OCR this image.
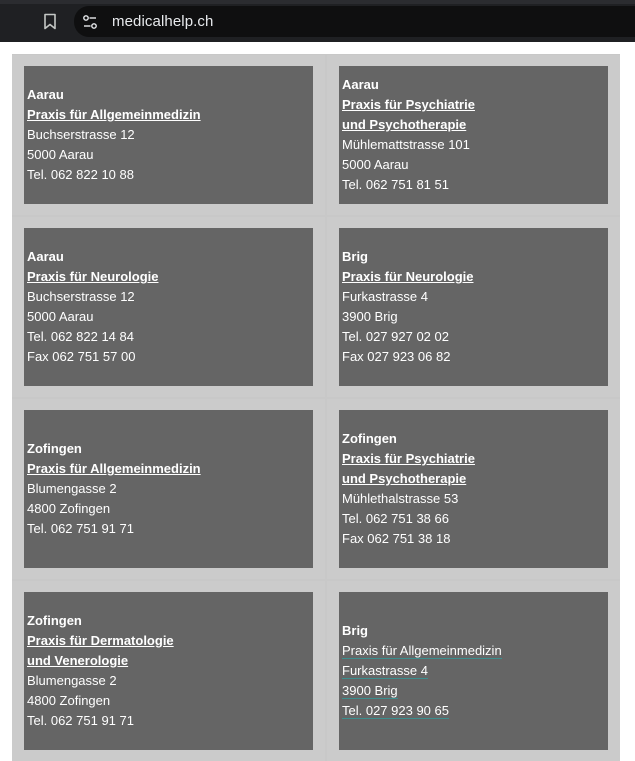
medicalhelp.ch
Aarau
Praxis für Allgemeinmedizin
Buchserstrasse 12
5000 Aarau
Tel. 062 822 10 88
Aarau
Praxis für Psychiatrie
und Psychotherapie
Mühlemattstrasse 101
5000 Aarau
Tel. 062 751 81 51
Aarau
Praxis für Neurologie
Buchserstrasse 12
5000 Aarau
Tel. 062 822 14 84
Fax 062 751 57 00
Brig
Praxis für Neurologie
Furkastrasse 4
3900 Brig
Tel. 027 927 02 02
Fax 027 923 06 82
Zofingen
Praxis für Allgemeinmedizin
Blumengasse 2
4800 Zofingen
Tel. 062 751 91 71
Zofingen
Praxis für Psychiatrie
und Psychotherapie
Mühlethalstrasse 53
Tel. 062 751 38 66
Fax 062 751 38 18
Zofingen
Praxis für Dermatologie
und Venerologie
Blumengasse 2
4800 Zofingen
Tel. 062 751 91 71
Brig
Praxis für Allgemeinmedizin
Furkastrasse 4
3900 Brig
Tel. 027 923 90 65
